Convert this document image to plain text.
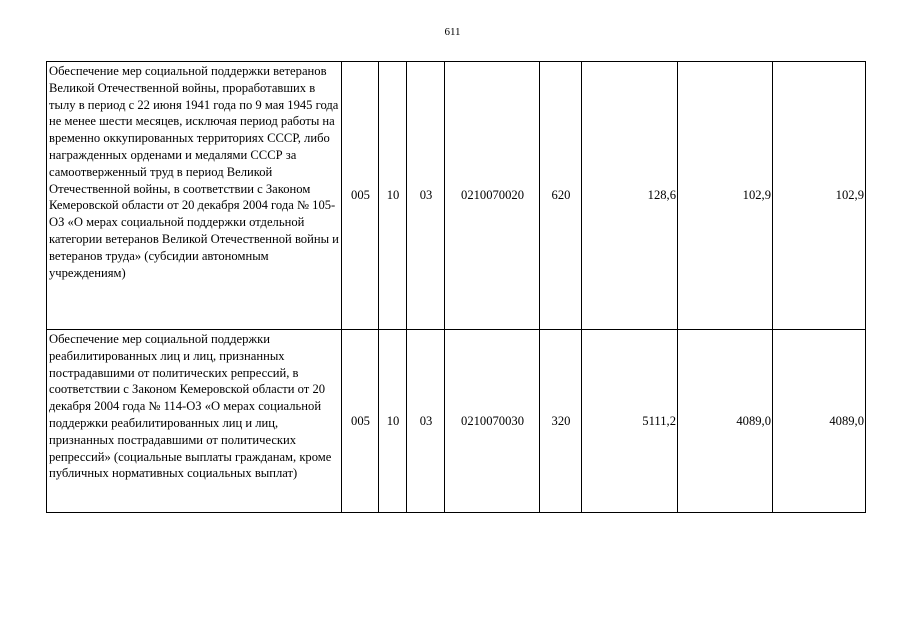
611
Обеспечение мер социальной поддержки ветеранов Великой Отечественной войны, проработавших в тылу в период с 22 июня 1941 года по 9 мая 1945 года не менее шести месяцев, исключая период работы на временно оккупированных территориях СССР, либо награжденных орденами и медалями СССР за самоотверженный труд в период Великой Отечественной войны, в соответствии с Законом Кемеровской области от 20 декабря 2004 года № 105-ОЗ «О мерах социальной поддержки отдельной категории ветеранов Великой Отечественной войны и ветеранов труда» (субсидии автономным учреждениям)	005	10	03	0210070020	620	128,6	102,9	102,9
Обеспечение мер социальной поддержки реабилитированных лиц и лиц, признанных пострадавшими от политических репрессий, в соответствии с Законом Кемеровской области от 20 декабря 2004 года № 114-ОЗ «О мерах социальной поддержки реабилитированных лиц и лиц, признанных пострадавшими от политических репрессий» (социальные выплаты гражданам, кроме публичных нормативных социальных выплат)	005	10	03	0210070030	320	5111,2	4089,0	4089,0
